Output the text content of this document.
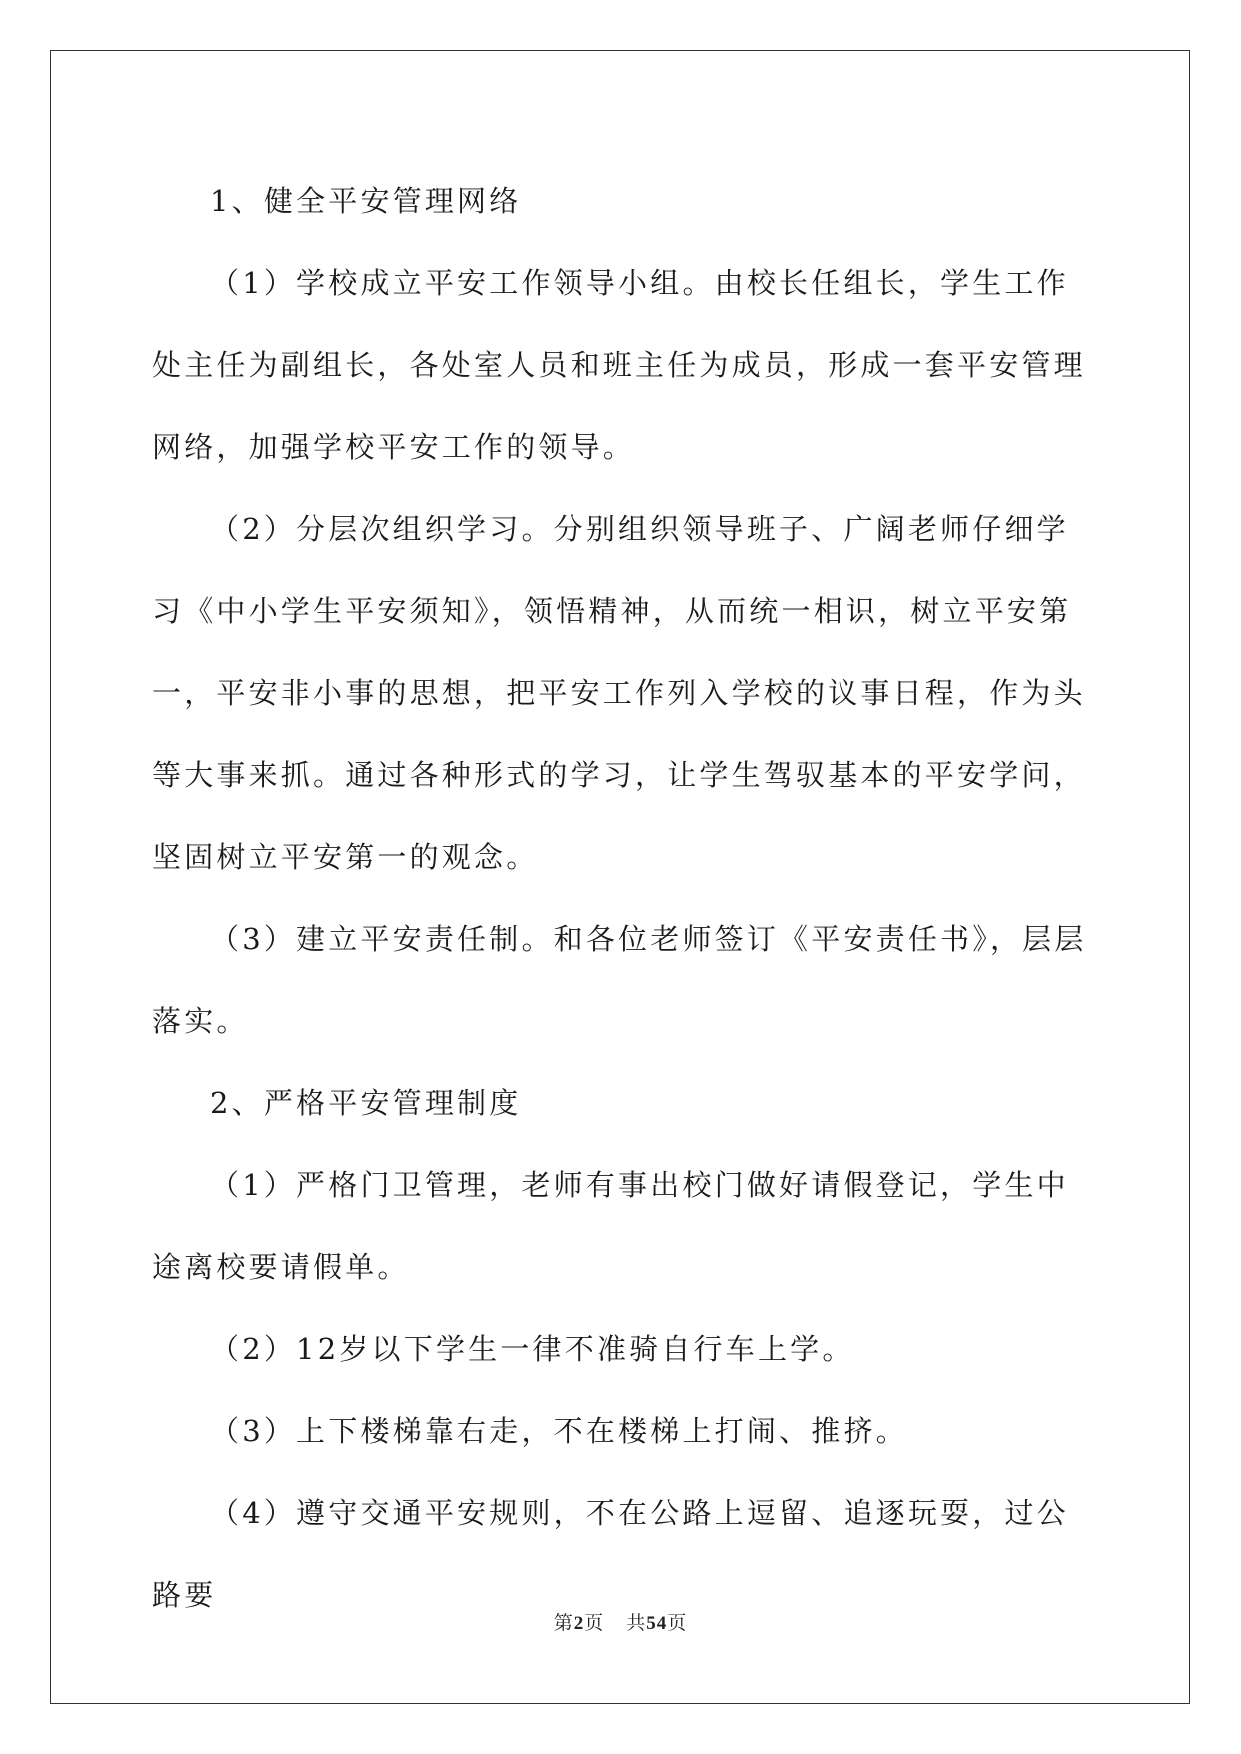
1、健全平安管理网络

（1）学校成立平安工作领导小组。由校长任组长，学生工作处主任为副组长，各处室人员和班主任为成员，形成一套平安管理网络，加强学校平安工作的领导。

（2）分层次组织学习。分别组织领导班子、广阔老师仔细学习《中小学生平安须知》，领悟精神，从而统一相识，树立平安第一，平安非小事的思想，把平安工作列入学校的议事日程，作为头等大事来抓。通过各种形式的学习，让学生驾驭基本的平安学问，坚固树立平安第一的观念。

（3）建立平安责任制。和各位老师签订《平安责任书》，层层落实。

2、严格平安管理制度

（1）严格门卫管理，老师有事出校门做好请假登记，学生中途离校要请假单。

（2）12岁以下学生一律不准骑自行车上学。

（3）上下楼梯靠右走，不在楼梯上打闹、推挤。

（4）遵守交通平安规则，不在公路上逗留、追逐玩耍，过公路要

第2页 共54页
